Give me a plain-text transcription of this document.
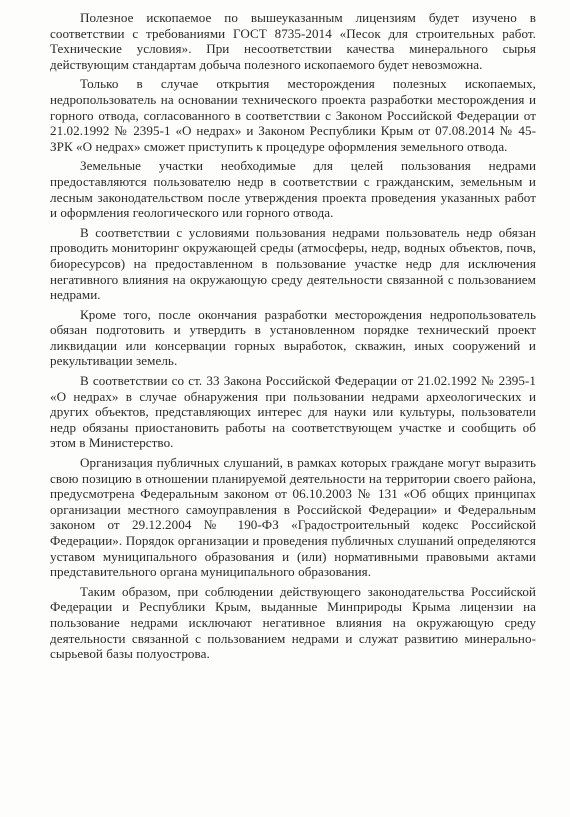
Полезное ископаемое по вышеуказанным лицензиям будет изучено в соответствии с требованиями ГОСТ 8735-2014 «Песок для строительных работ. Технические условия». При несоответствии качества минерального сырья действующим стандартам добыча полезного ископаемого будет невозможна.

Только в случае открытия месторождения полезных ископаемых, недропользователь на основании технического проекта разработки месторождения и горного отвода, согласованного в соответствии с Законом Российской Федерации от 21.02.1992 № 2395-1 «О недрах» и Законом Республики Крым от 07.08.2014 № 45-ЗРК «О недрах» сможет приступить к процедуре оформления земельного отвода.

Земельные участки необходимые для целей пользования недрами предоставляются пользователю недр в соответствии с гражданским, земельным и лесным законодательством после утверждения проекта проведения указанных работ и оформления геологического или горного отвода.

В соответствии с условиями пользования недрами пользователь недр обязан проводить мониторинг окружающей среды (атмосферы, недр, водных объектов, почв, биоресурсов) на предоставленном в пользование участке недр для исключения негативного влияния на окружающую среду деятельности связанной с пользованием недрами.

Кроме того, после окончания разработки месторождения недропользователь обязан подготовить и утвердить в установленном порядке технический проект ликвидации или консервации горных выработок, скважин, иных сооружений и рекультивации земель.

В соответствии со ст. 33 Закона Российской Федерации от 21.02.1992 № 2395-1 «О недрах» в случае обнаружения при пользовании недрами археологических и других объектов, представляющих интерес для науки или культуры, пользователи недр обязаны приостановить работы на соответствующем участке и сообщить об этом в Министерство.

Организация публичных слушаний, в рамках которых граждане могут выразить свою позицию в отношении планируемой деятельности на территории своего района, предусмотрена Федеральным законом от 06.10.2003 № 131 «Об общих принципах организации местного самоуправления в Российской Федерации» и Федеральным законом от 29.12.2004 № 190-ФЗ «Градостроительный кодекс Российской Федерации». Порядок организации и проведения публичных слушаний определяются уставом муниципального образования и (или) нормативными правовыми актами представительного органа муниципального образования.

Таким образом, при соблюдении действующего законодательства Российской Федерации и Республики Крым, выданные Минприроды Крыма лицензии на пользование недрами исключают негативное влияния на окружающую среду деятельности связанной с пользованием недрами и служат развитию минерально-сырьевой базы полуострова.
